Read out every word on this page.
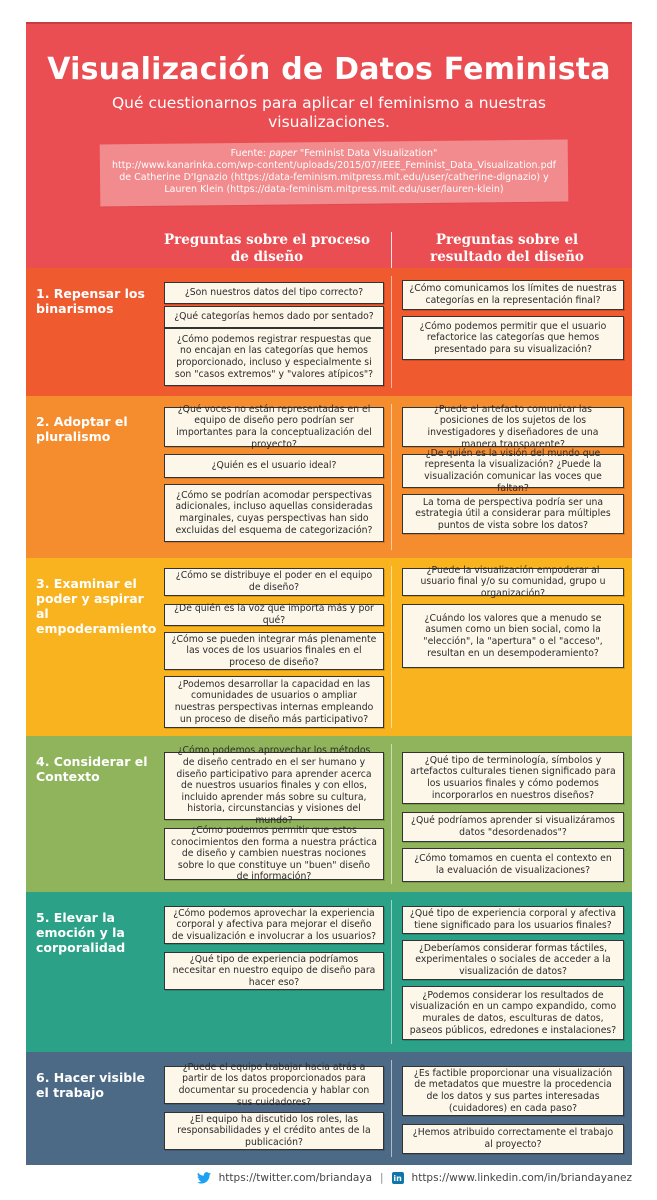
Visualización de Datos Feminista
Qué cuestionarnos para aplicar el feminismo a nuestras visualizaciones.
Fuente: paper "Feminist Data Visualization"
http://www.kanarinka.com/wp-content/uploads/2015/07/IEEE_Feminist_Data_Visualization.pdf
de Catherine D'Ignazio (https://data-feminism.mitpress.mit.edu/user/catherine-dignazio) y
Lauren Klein (https://data-feminism.mitpress.mit.edu/user/lauren-klein)
Preguntas sobre el proceso de diseño
Preguntas sobre el resultado del diseño
1. Repensar los binarismos
¿Son nuestros datos del tipo correcto?
¿Qué categorías hemos dado por sentado?
¿Cómo podemos registrar respuestas que no encajan en las categorías que hemos proporcionado, incluso y especialmente si son "casos extremos" y "valores atípicos"?
¿Cómo comunicamos los límites de nuestras categorías en la representación final?
¿Cómo podemos permitir que el usuario refactorice las categorías que hemos presentado para su visualización?
2. Adoptar el pluralismo
¿Qué voces no están representadas en el equipo de diseño pero podrían ser importantes para la conceptualización del proyecto?
¿Quién es el usuario ideal?
¿Cómo se podrían acomodar perspectivas adicionales, incluso aquellas consideradas marginales, cuyas perspectivas han sido excluidas del esquema de categorización?
¿Puede el artefacto comunicar las posiciones de los sujetos de los investigadores y diseñadores de una manera transparente?
¿De quién es la visión del mundo que representa la visualización? ¿Puede la visualización comunicar las voces que faltan?
La toma de perspectiva podría ser una estrategia útil a considerar para múltiples puntos de vista sobre los datos?
3. Examinar el poder y aspirar al empoderamiento
¿Cómo se distribuye el poder en el equipo de diseño?
¿De quién es la voz que importa más y por qué?
¿Cómo se pueden integrar más plenamente las voces de los usuarios finales en el proceso de diseño?
¿Podemos desarrollar la capacidad en las comunidades de usuarios o ampliar nuestras perspectivas internas empleando un proceso de diseño más participativo?
¿Puede la visualización empoderar al usuario final y/o su comunidad, grupo u organización?
¿Cuándo los valores que a menudo se asumen como un bien social, como la "elección", la "apertura" o el "acceso", resultan en un desempoderamiento?
4. Considerar el Contexto
¿Cómo podemos aprovechar los métodos de diseño centrado en el ser humano y diseño participativo para aprender acerca de nuestros usuarios finales y con ellos, incluido aprender más sobre su cultura, historia, circunstancias y visiones del mundo?
¿Cómo podemos permitir que estos conocimientos den forma a nuestra práctica de diseño y cambien nuestras nociones sobre lo que constituye un "buen" diseño de información?
¿Qué tipo de terminología, símbolos y artefactos culturales tienen significado para los usuarios finales y cómo podemos incorporarlos en nuestros diseños?
¿Qué podríamos aprender si visualizáramos datos "desordenados"?
¿Cómo tomamos en cuenta el contexto en la evaluación de visualizaciones?
5. Elevar la emoción y la corporalidad
¿Cómo podemos aprovechar la experiencia corporal y afectiva para mejorar el diseño de visualización e involucrar a los usuarios?
¿Qué tipo de experiencia podríamos necesitar en nuestro equipo de diseño para hacer eso?
¿Qué tipo de experiencia corporal y afectiva tiene significado para los usuarios finales?
¿Deberíamos considerar formas táctiles, experimentales o sociales de acceder a la visualización de datos?
¿Podemos considerar los resultados de visualización en un campo expandido, como murales de datos, esculturas de datos, paseos públicos, edredones e instalaciones?
6. Hacer visible el trabajo
¿Puede el equipo trabajar hacia atrás a partir de los datos proporcionados para documentar su procedencia y hablar con sus cuidadores?
¿El equipo ha discutido los roles, las responsabilidades y el crédito antes de la publicación?
¿Es factible proporcionar una visualización de metadatos que muestre la procedencia de los datos y sus partes interesadas (cuidadores) en cada paso?
¿Hemos atribuido correctamente el trabajo al proyecto?
https://twitter.com/briandaya | in https://www.linkedin.com/in/briandayanez
